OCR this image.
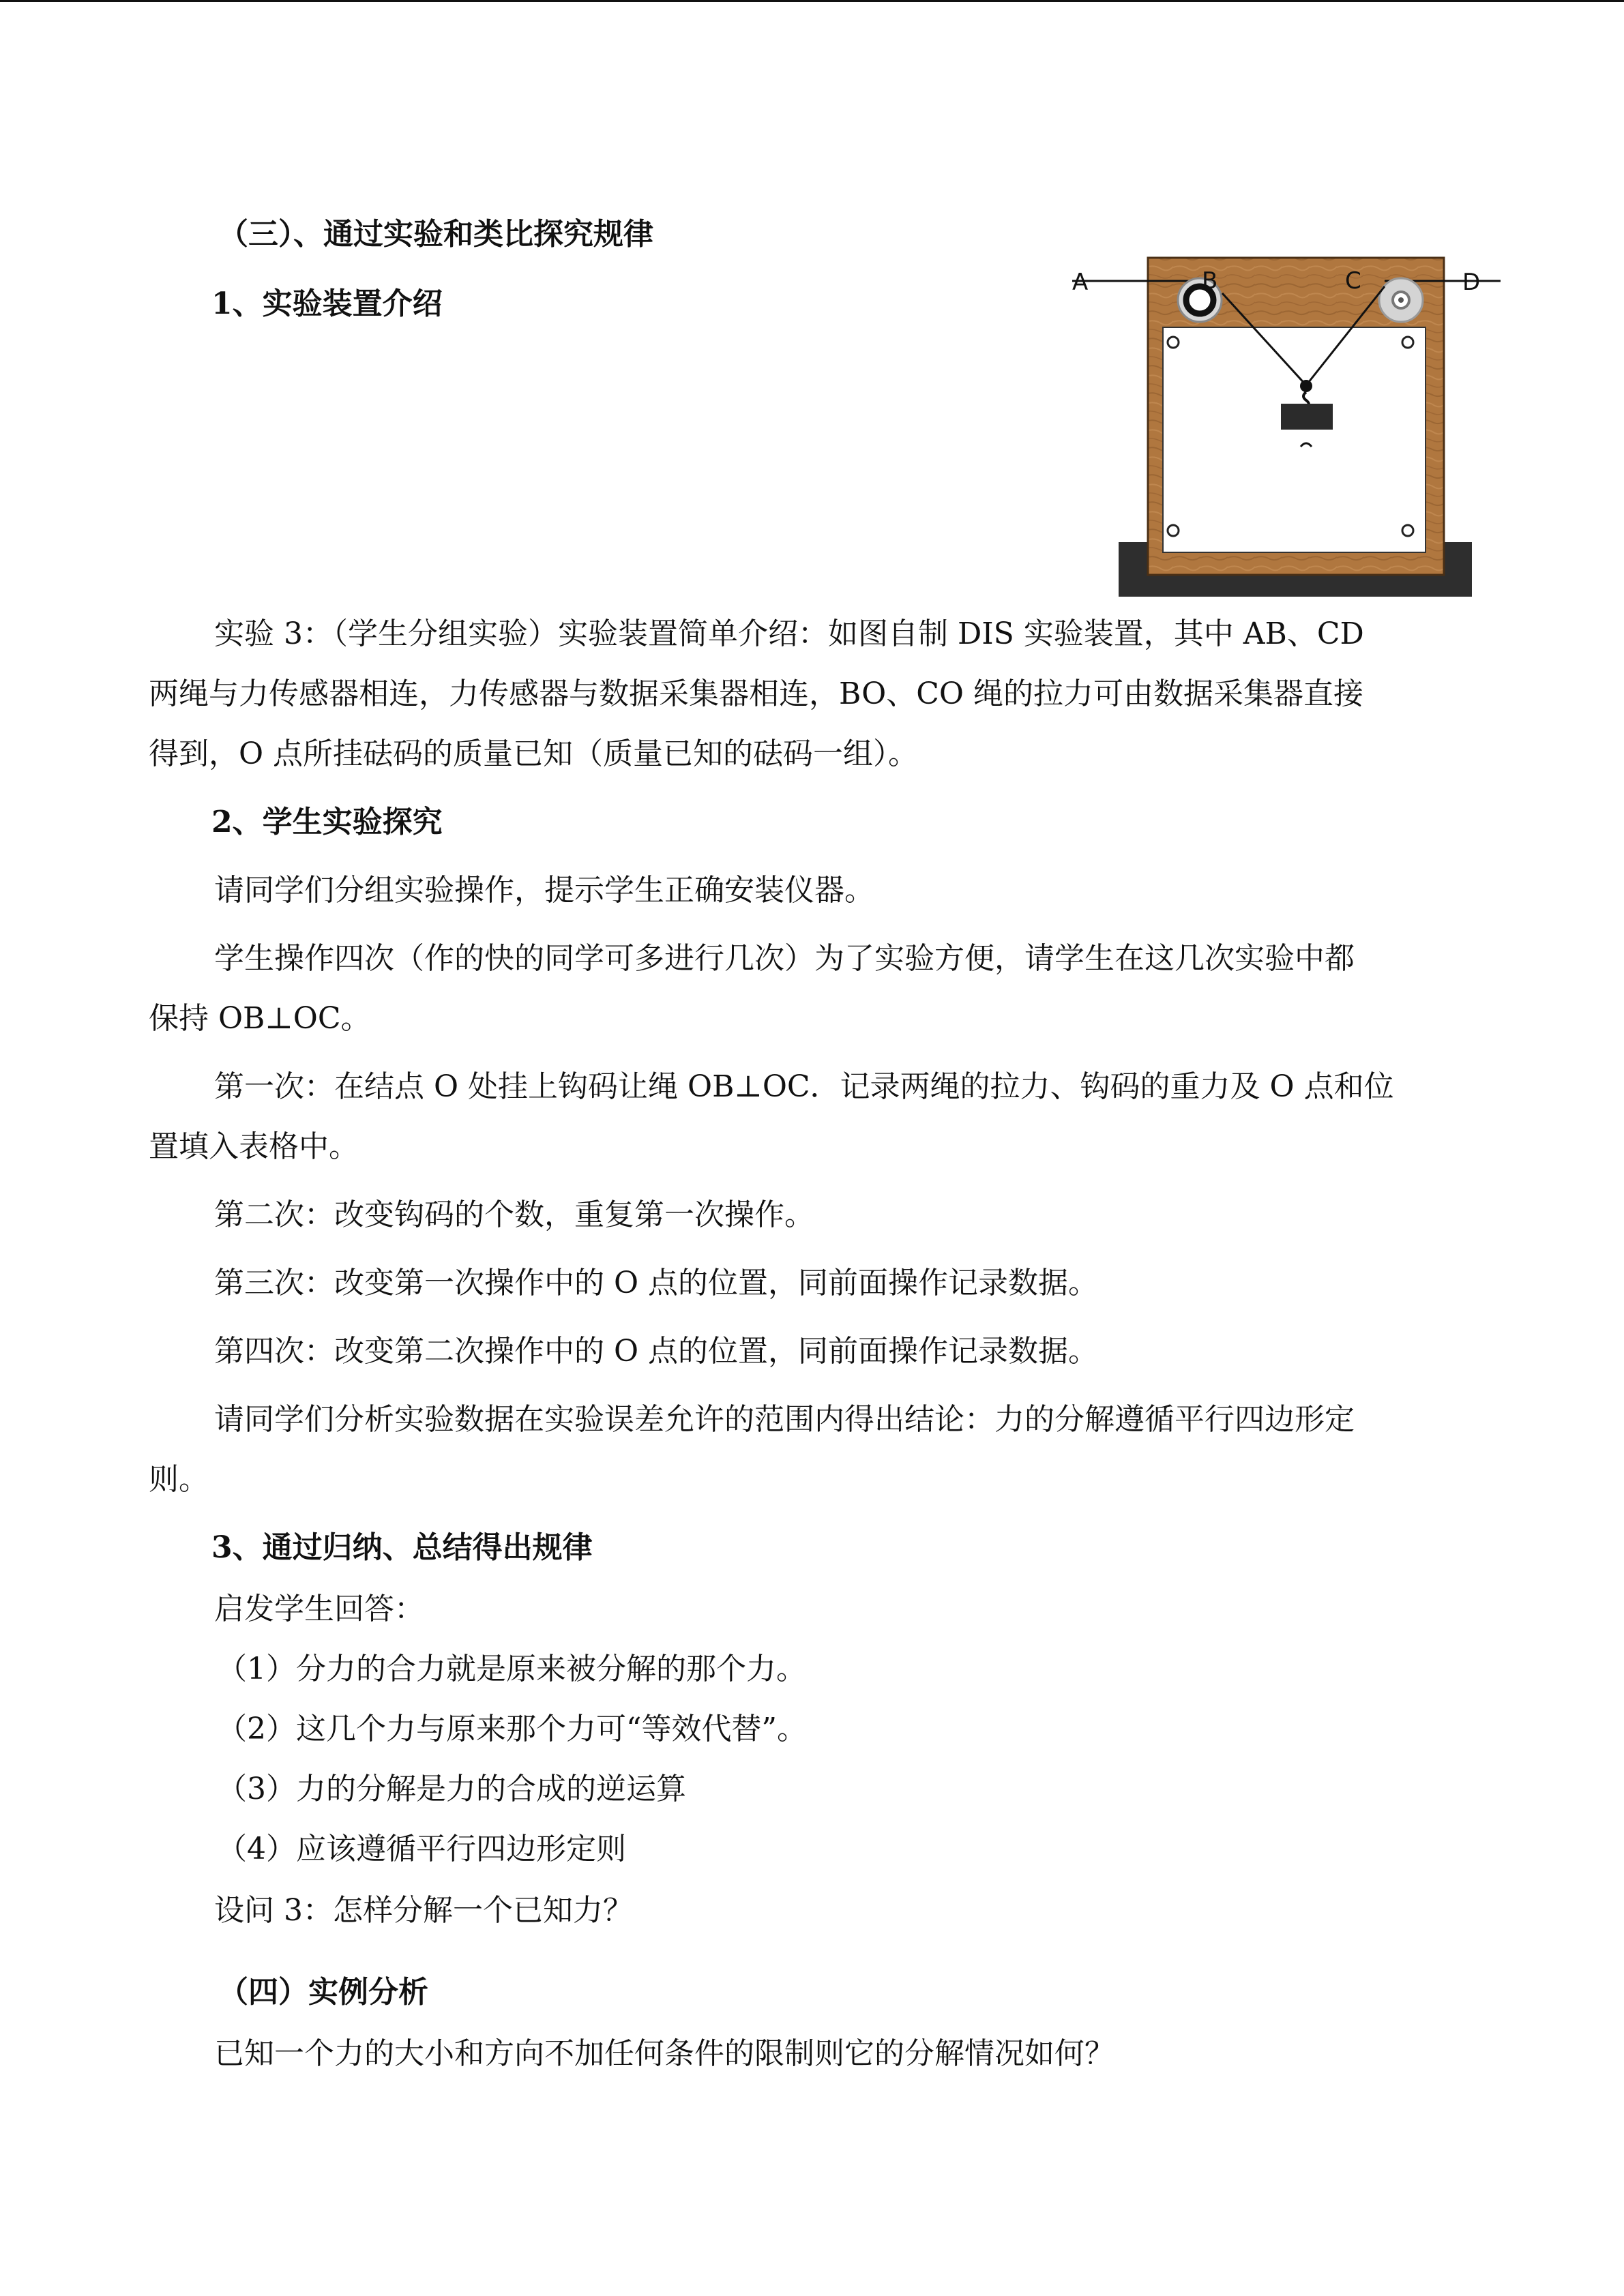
（三）、通过实验和类比探究规律
1、实验装置介绍
A	B	C	D
实验 3：（学生分组实验）实验装置简单介绍：如图自制 DIS 实验装置，其中 AB、CD
两绳与力传感器相连，力传感器与数据采集器相连，BO、CO 绳的拉力可由数据采集器直接
得到，O 点所挂砝码的质量已知（质量已知的砝码一组）。
2、学生实验探究
请同学们分组实验操作，提示学生正确安装仪器。
学生操作四次（作的快的同学可多进行几次）为了实验方便，请学生在这几次实验中都
保持 OB⊥OC。
第一次：在结点 O 处挂上钩码让绳 OB⊥OC．记录两绳的拉力、钩码的重力及 O 点和位
置填入表格中。
第二次：改变钩码的个数，重复第一次操作。
第三次：改变第一次操作中的 O 点的位置，同前面操作记录数据。
第四次：改变第二次操作中的 O 点的位置，同前面操作记录数据。
请同学们分析实验数据在实验误差允许的范围内得出结论：力的分解遵循平行四边形定
则。
3、通过归纳、总结得出规律
启发学生回答：
（1）分力的合力就是原来被分解的那个力。
（2）这几个力与原来那个力可“等效代替”。
（3）力的分解是力的合成的逆运算
（4）应该遵循平行四边形定则
设问 3：怎样分解一个已知力？
（四）实例分析
已知一个力的大小和方向不加任何条件的限制则它的分解情况如何？
